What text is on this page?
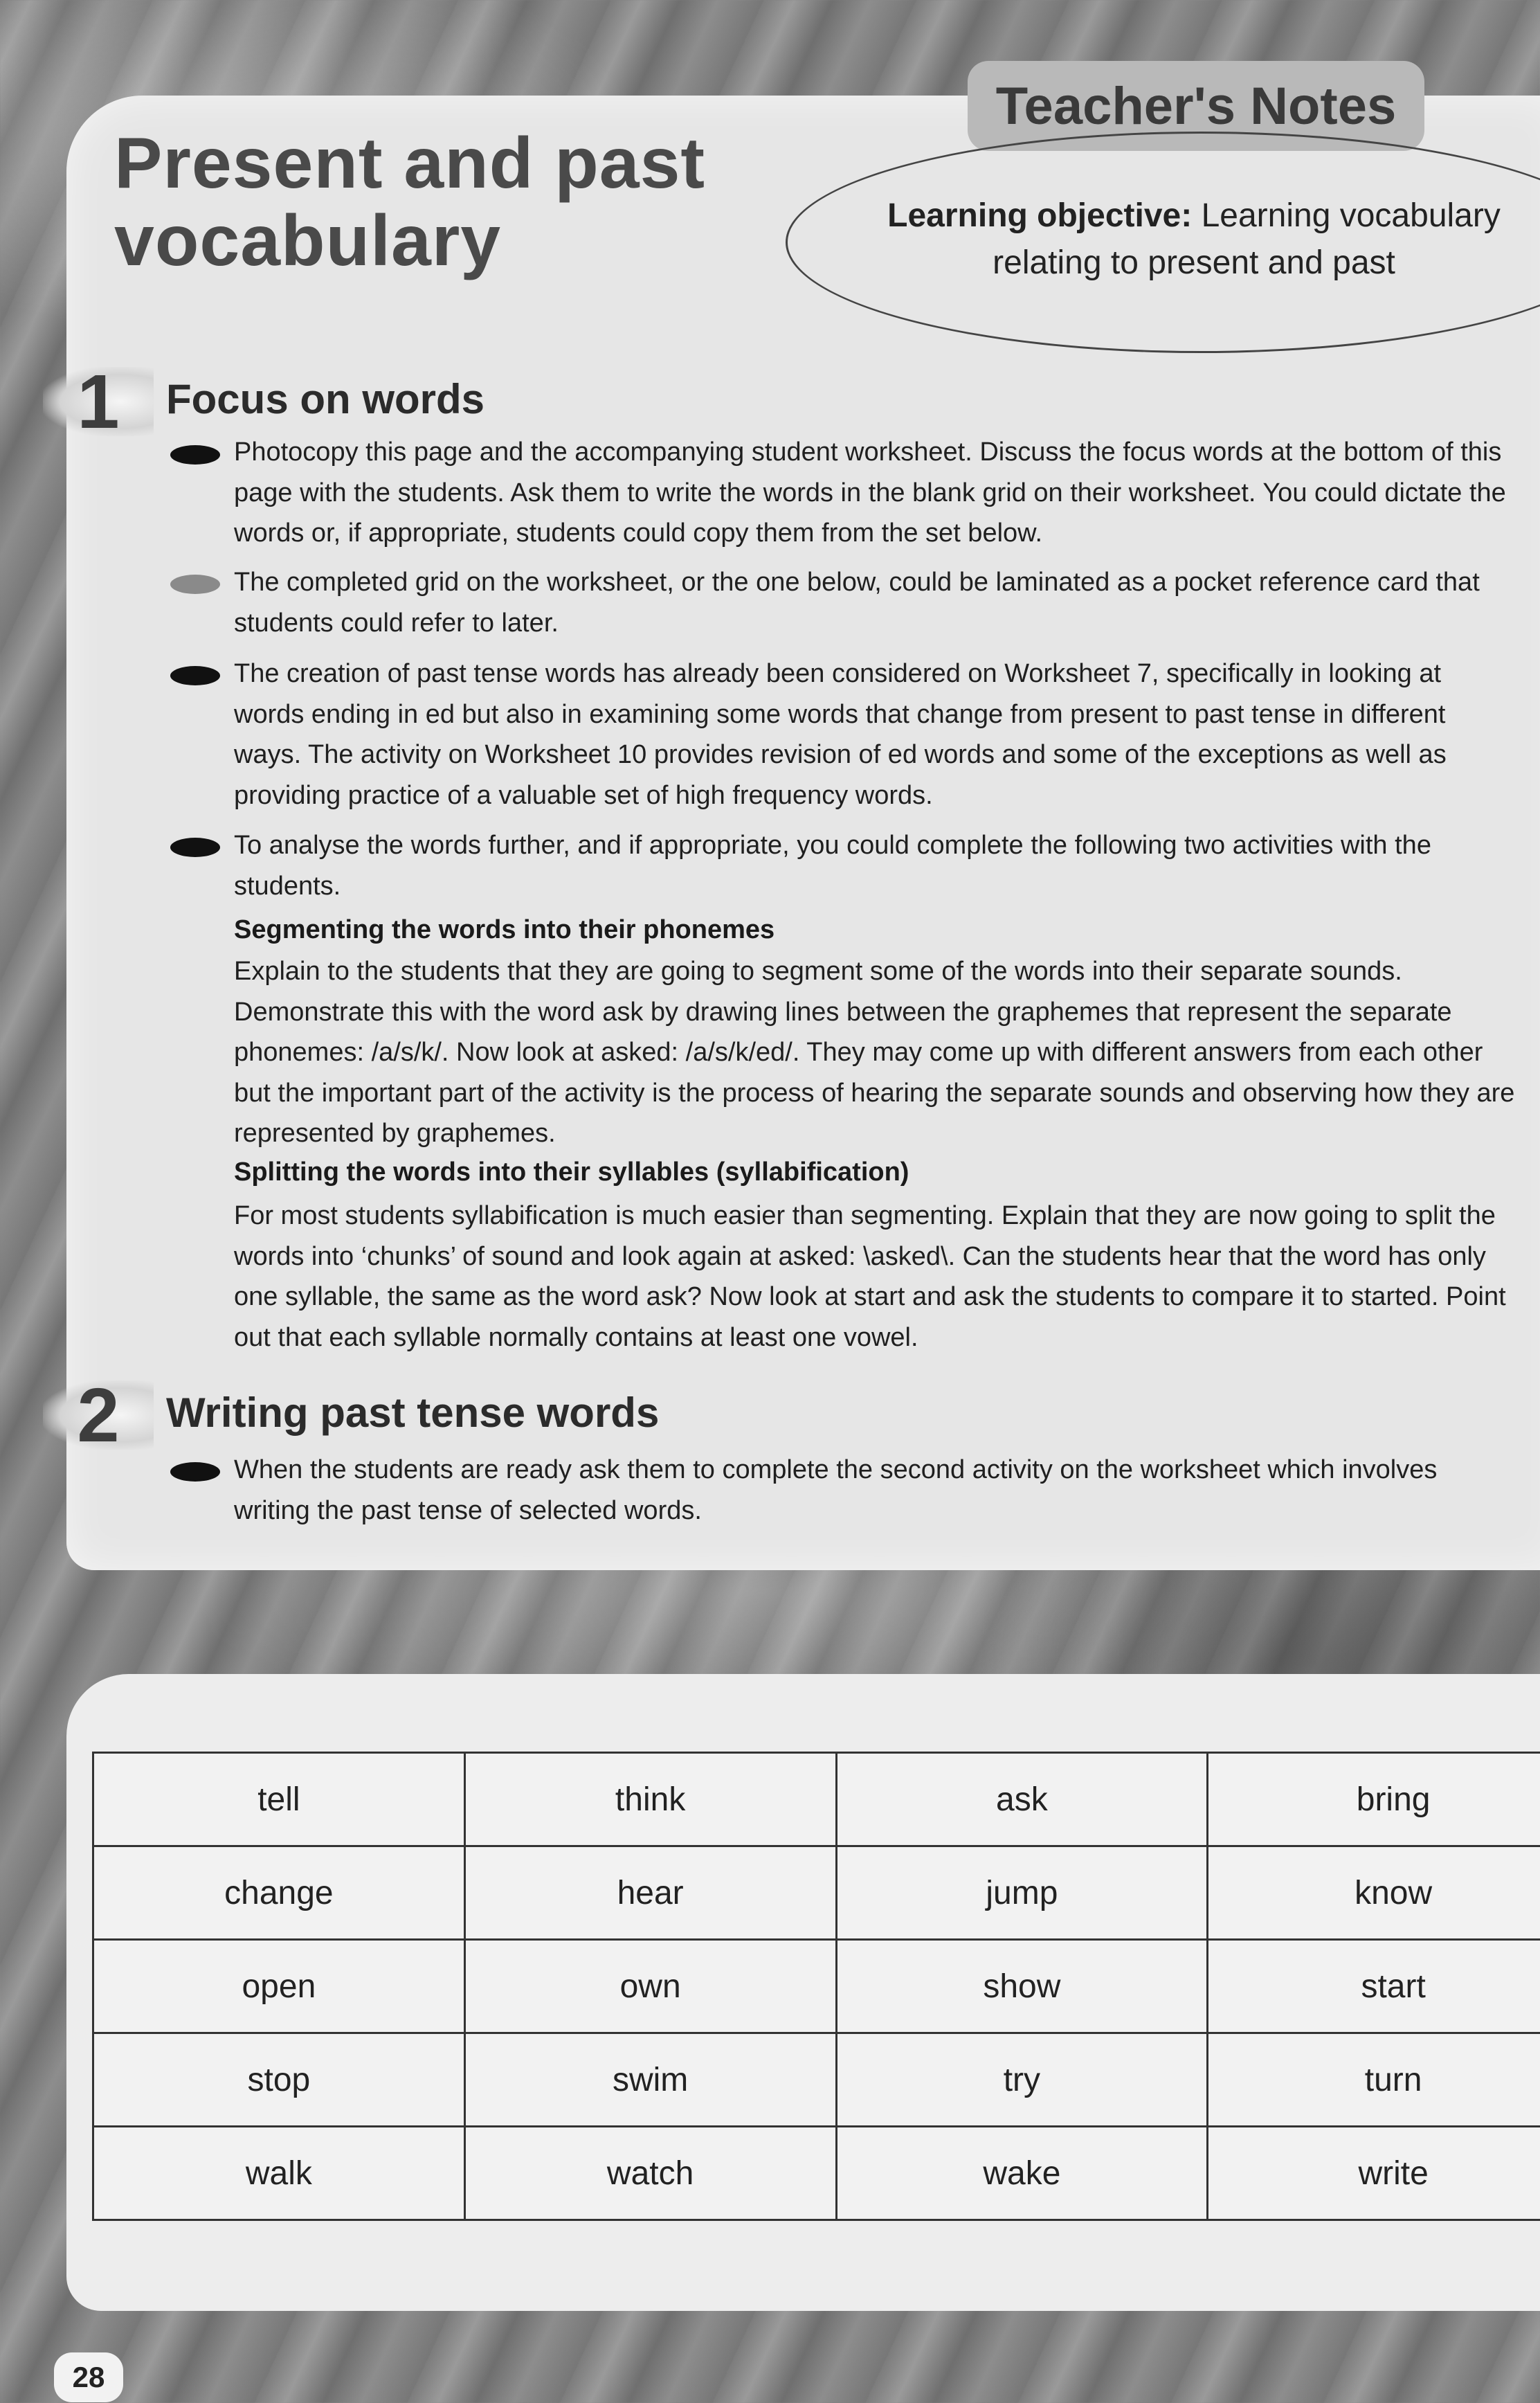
Present and past vocabulary
Teacher's Notes
Learning objective: Learning vocabulary relating to present and past
1	Focus on words

Photocopy this page and the accompanying student worksheet. Discuss the focus words at the bottom of this page with the students. Ask them to write the words in the blank grid on their worksheet. You could dictate the words or, if appropriate, students could copy them from the set below.

The completed grid on the worksheet, or the one below, could be laminated as a pocket reference card that students could refer to later.

The creation of past tense words has already been considered on Worksheet 7, specifically in looking at words ending in ed but also in examining some words that change from present to past tense in different ways. The activity on Worksheet 10 provides revision of ed words and some of the exceptions as well as providing practice of a valuable set of high frequency words.

To analyse the words further, and if appropriate, you could complete the following two activities with the students.

Segmenting the words into their phonemes

Explain to the students that they are going to segment some of the words into their separate sounds. Demonstrate this with the word ask by drawing lines between the graphemes that represent the separate phonemes: /a/s/k/. Now look at asked: /a/s/k/ed/. They may come up with different answers from each other but the important part of the activity is the process of hearing the separate sounds and observing how they are represented by graphemes.

Splitting the words into their syllables (syllabification)

For most students syllabification is much easier than segmenting. Explain that they are now going to split the words into ‘chunks’ of sound and look again at asked: \asked\. Can the students hear that the word has only one syllable, the same as the word ask? Now look at start and ask the students to compare it to started. Point out that each syllable normally contains at least one vowel.

2	Writing past tense words

When the students are ready ask them to complete the second activity on the worksheet which involves writing the past tense of selected words.

tell	think	ask	bring
change	hear	jump	know
open	own	show	start
stop	swim	try	turn
walk	watch	wake	write
28
